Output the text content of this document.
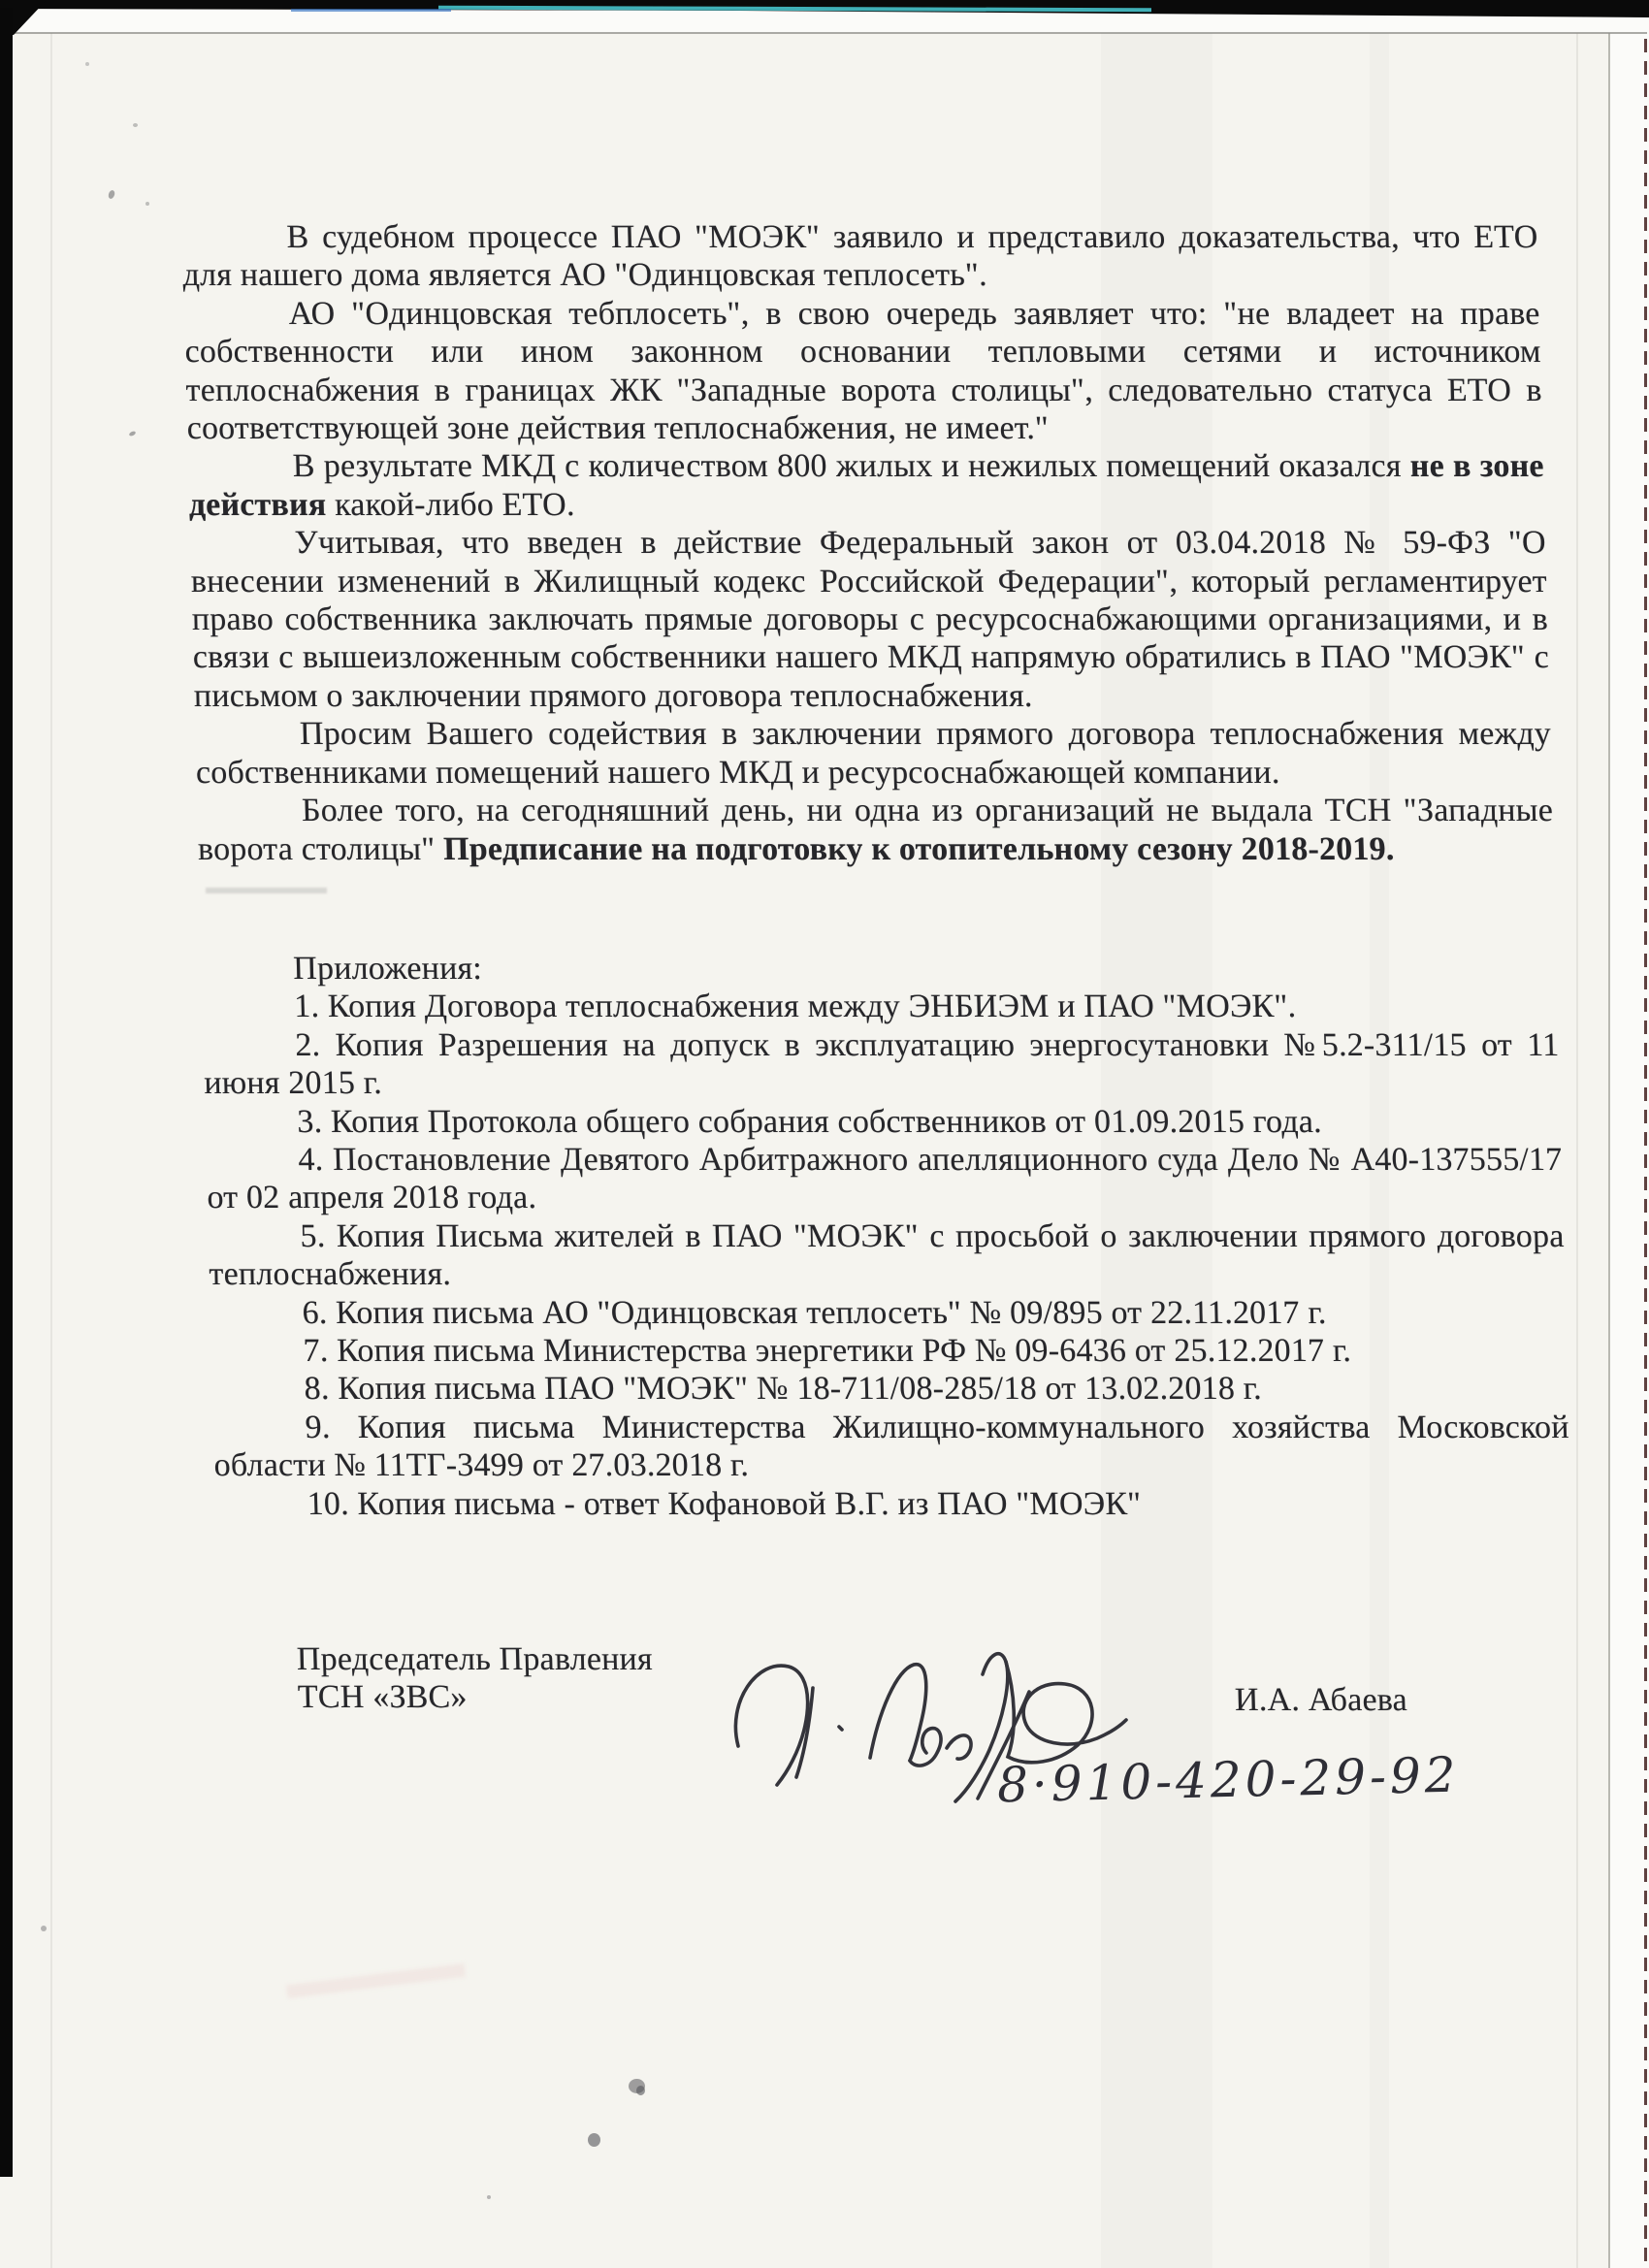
В судебном процессе ПАО "МОЭК" заявило и представило доказательства, что ЕТО для нашего дома является АО "Одинцовская теплосеть".

АО "Одинцовская тебплосеть", в свою очередь заявляет что: "не владеет на праве собственности или ином законном основании тепловыми сетями и источником теплоснабжения в границах ЖК "Западные ворота столицы", следовательно статуса ЕТО в соответствующей зоне действия теплоснабжения, не имеет."

В результате МКД с количеством 800 жилых и нежилых помещений оказался не в зоне действия какой-либо ЕТО.

Учитывая, что введен в действие Федеральный закон от 03.04.2018 № 59-ФЗ "О внесении изменений в Жилищный кодекс Российской Федерации", который регламентирует право собственника заключать прямые договоры с ресурсоснабжающими организациями, и в связи с вышеизложенным собственники нашего МКД напрямую обратились в ПАО "МОЭК" с письмом о заключении прямого договора теплоснабжения.

Просим Вашего содействия в заключении прямого договора теплоснабжения между собственниками помещений нашего МКД и ресурсоснабжающей компании.

Более того, на сегодняшний день, ни одна из организаций не выдала ТСН "Западные ворота столицы" Предписание на подготовку к отопительному сезону 2018-2019.

Приложения:

1. Копия Договора теплоснабжения между ЭНБИЭМ и ПАО "МОЭК".

2. Копия Разрешения на допуск в эксплуатацию энергосутановки №5.2-311/15 от 11 июня 2015 г.

3. Копия Протокола общего собрания собственников от 01.09.2015 года.

4. Постановление Девятого Арбитражного апелляционного суда Дело № А40-137555/17 от 02 апреля 2018 года.

5. Копия Письма жителей в ПАО "МОЭК" с просьбой о заключении прямого договора теплоснабжения.

6. Копия письма АО "Одинцовская теплосеть" № 09/895 от 22.11.2017 г.

7. Копия письма Министерства энергетики РФ № 09-6436 от 25.12.2017 г.

8. Копия письма ПАО "МОЭК" № 18-711/08-285/18 от 13.02.2018 г.

9. Копия письма Министерства Жилищно-коммунального хозяйства Московской области № 11ТГ-3499 от 27.03.2018 г.

10. Копия письма - ответ Кофановой В.Г. из ПАО "МОЭК"

Председатель Правления
ТСН «ЗВС»	И.А. Абаева
8·910-420-29-92
